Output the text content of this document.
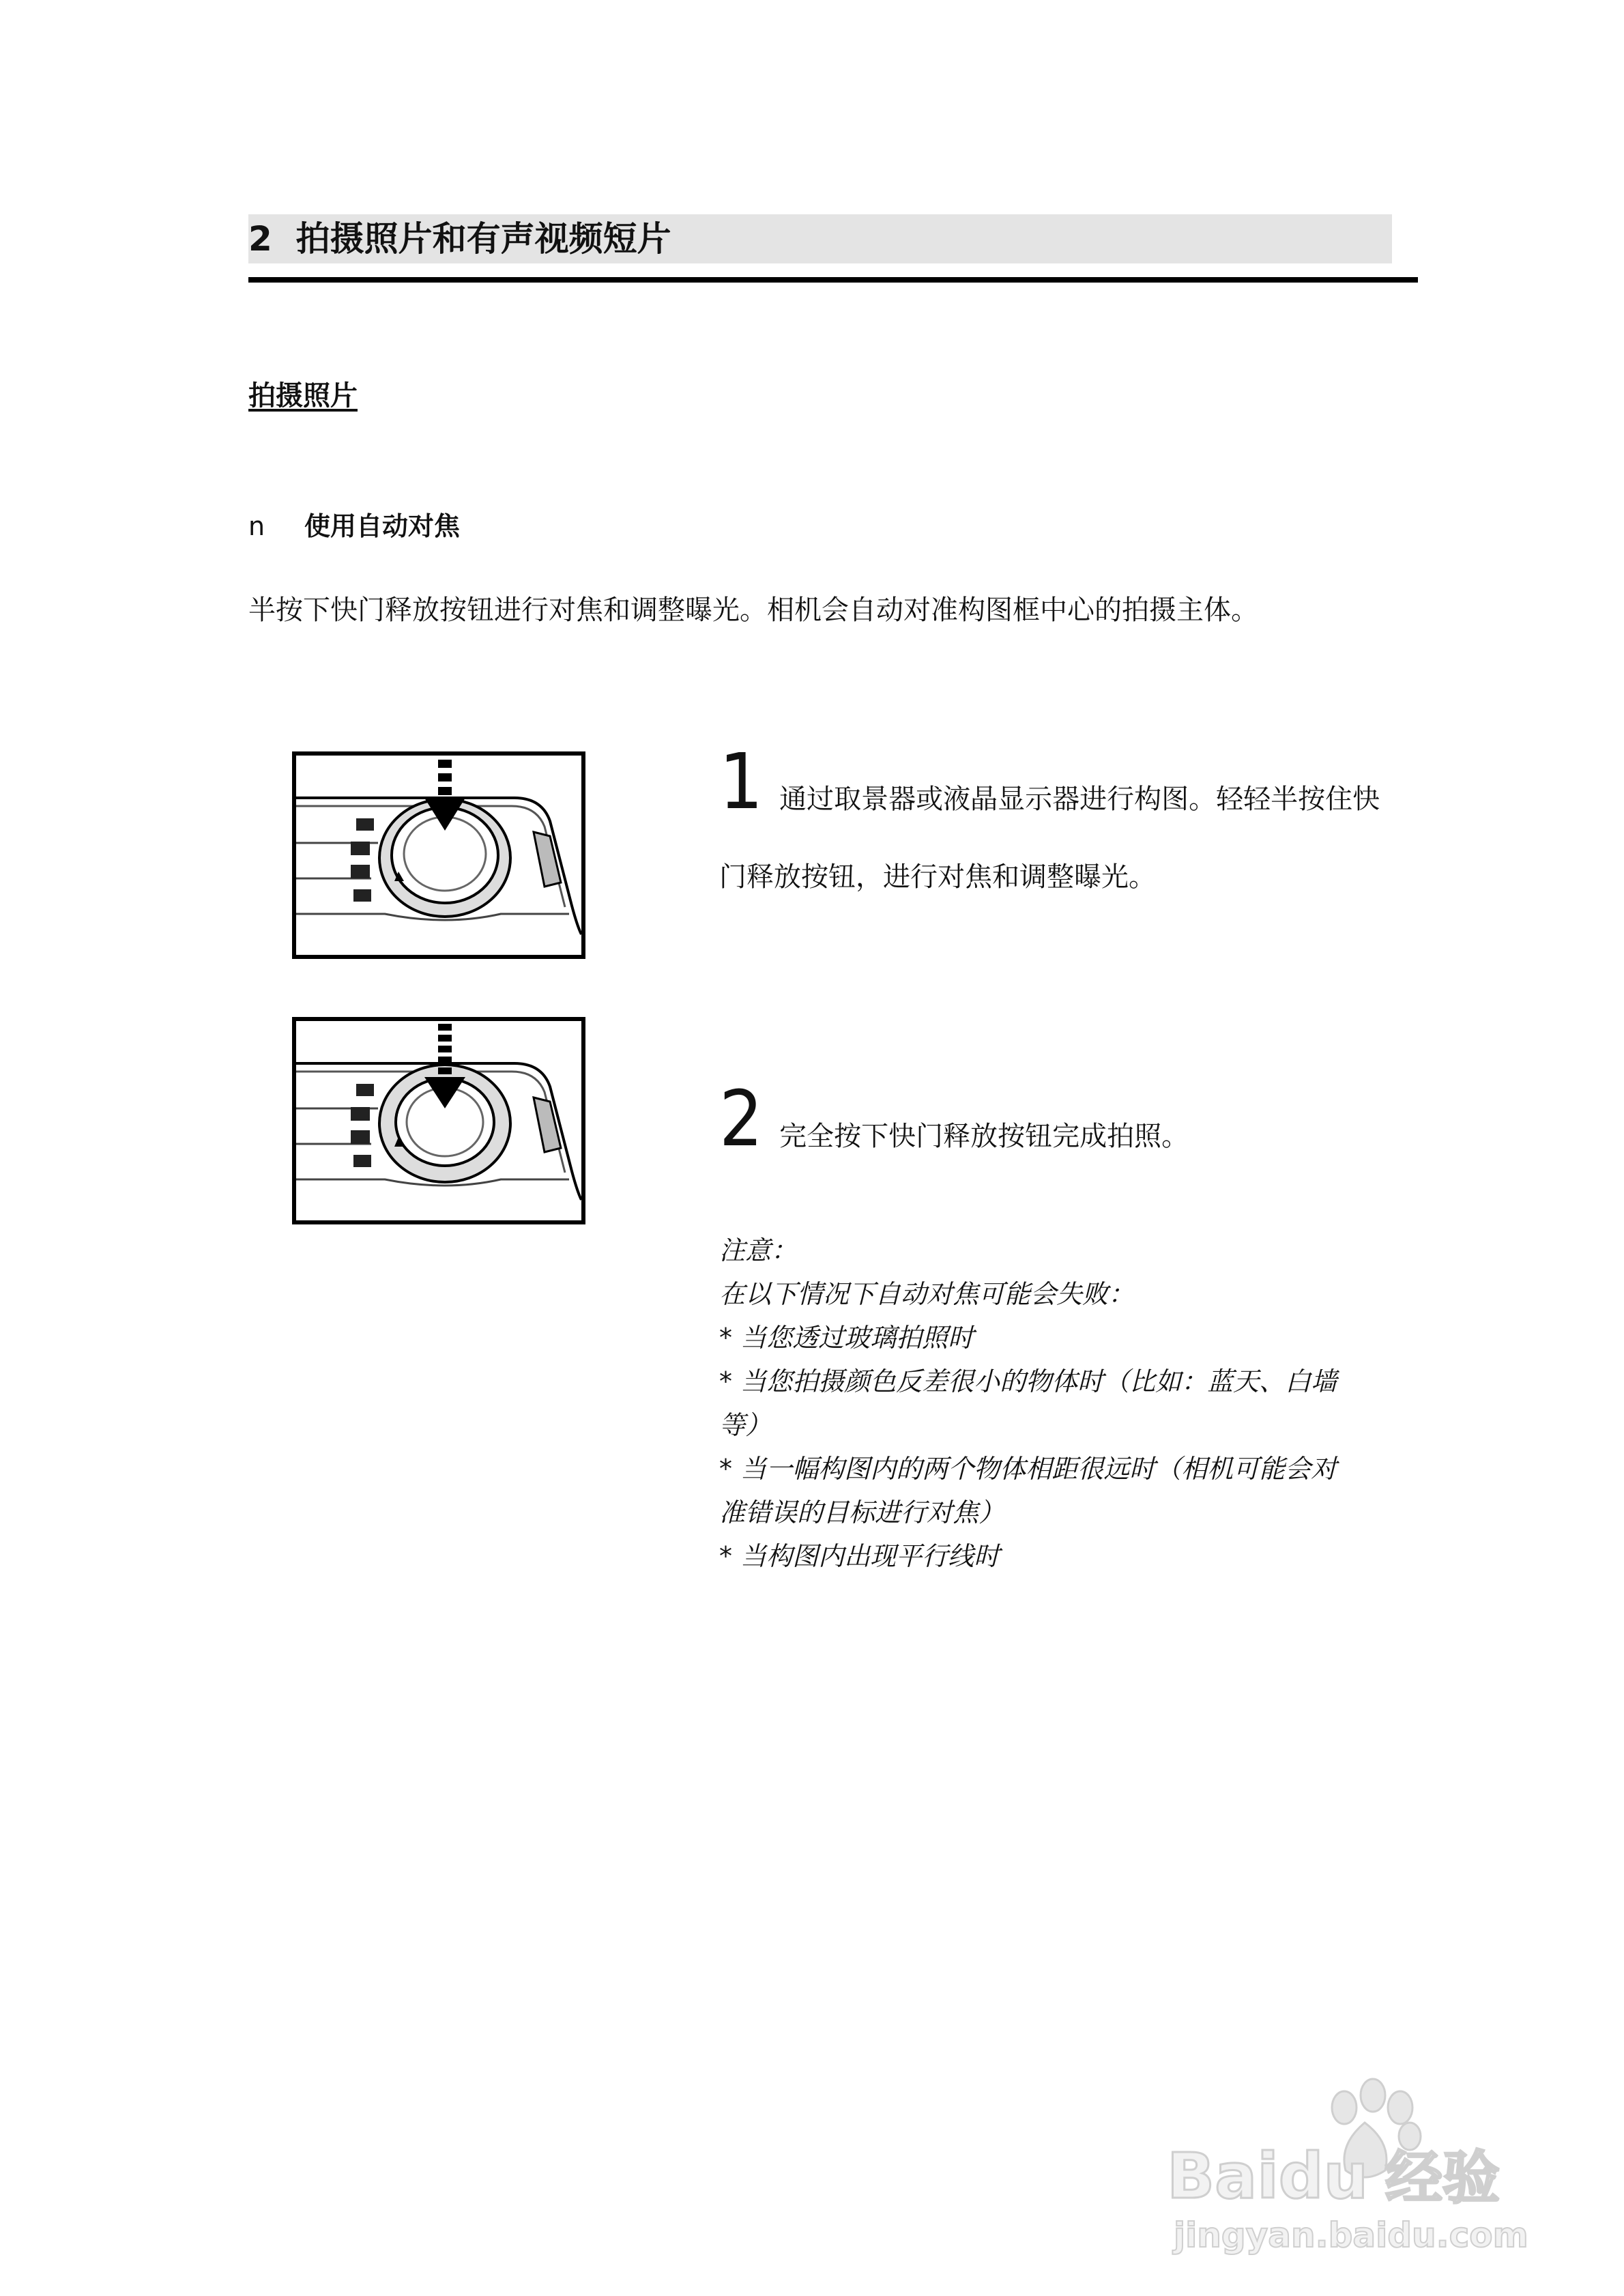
2 拍摄照片和有声视频短片
拍摄照片
n 使用自动对焦
半按下快门释放按钮进行对焦和调整曝光。相机会自动对准构图框中心的拍摄主体。
1 通过取景器或液晶显示器进行构图。轻轻半按住快
门释放按钮，进行对焦和调整曝光。
2 完全按下快门释放按钮完成拍照。

注意：

在以下情况下自动对焦可能会失败：

* 当您透过玻璃拍照时

* 当您拍摄颜色反差很小的物体时（比如：蓝天、白墙

等）

* 当一幅构图内的两个物体相距很远时（相机可能会对

准错误的目标进行对焦）

* 当构图内出现平行线时

Baidu 经验
jingyan.baidu.com
